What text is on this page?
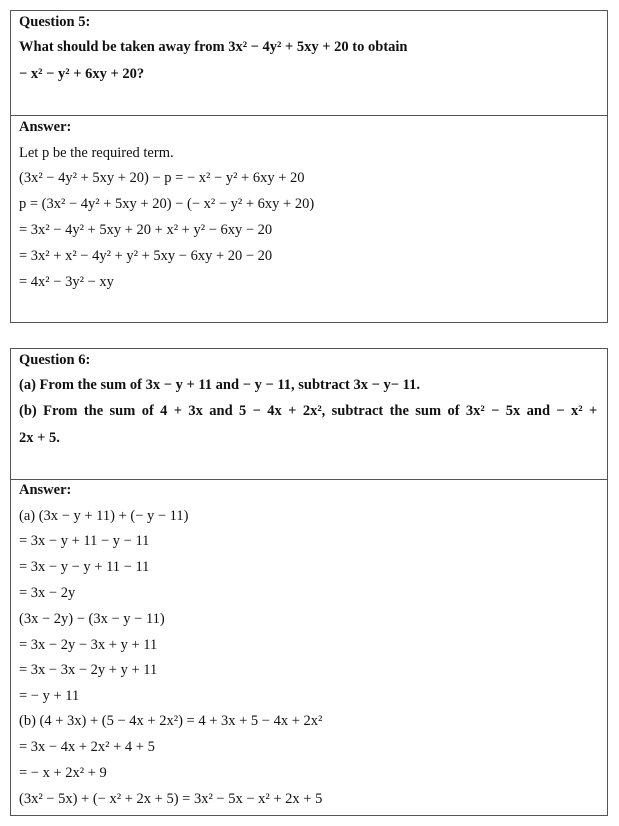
Question 5:
What should be taken away from 3x² − 4y² + 5xy + 20 to obtain
− x² − y² + 6xy + 20?
Answer:
Let p be the required term.
(3x² − 4y² + 5xy + 20) − p = − x² − y² + 6xy + 20
p = (3x² − 4y² + 5xy + 20) − (− x² − y² + 6xy + 20)
= 3x² − 4y² + 5xy + 20 + x² + y² − 6xy − 20
= 3x² + x² − 4y² + y² + 5xy − 6xy + 20 − 20
= 4x² − 3y² − xy
Question 6:
(a) From the sum of 3x − y + 11 and − y − 11, subtract 3x − y− 11.
(b) From the sum of 4 + 3x and 5 − 4x + 2x², subtract the sum of 3x² − 5x and − x² +
2x + 5.
Answer:
(a) (3x − y + 11) + (− y − 11)
= 3x − y + 11 − y − 11
= 3x − y − y + 11 − 11
= 3x − 2y
(3x − 2y) − (3x − y − 11)
= 3x − 2y − 3x + y + 11
= 3x − 3x − 2y + y + 11
= − y + 11
(b) (4 + 3x) + (5 − 4x + 2x²) = 4 + 3x + 5 − 4x + 2x²
= 3x − 4x + 2x² + 4 + 5
= − x + 2x² + 9
(3x² − 5x) + (− x² + 2x + 5) = 3x² − 5x − x² + 2x + 5
